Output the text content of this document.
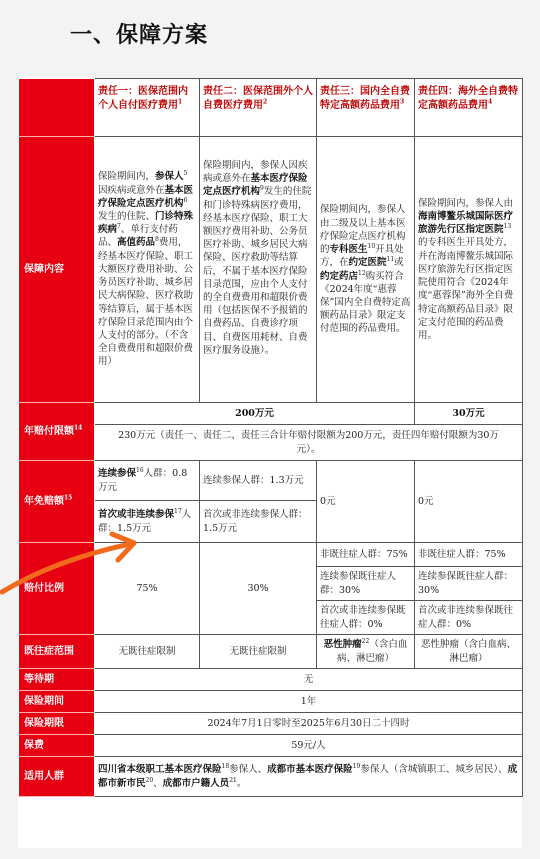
一、保障方案
	责任一：医保范围内个人自付医疗费用$^1$	责任二：医保范围外个人自费医疗费用$^2$	责任三：国内全自费特定高额药品费用$^3$	责任四：海外全自费特定高额药品费用$^4$
保障内容	保险期间内，参保人$^5$因疾病或意外在基本医疗保险定点医疗机构$^6$发生的住院、门诊特殊疾病$^7$、单行支付药品、高值药品$^8$费用，经基本医疗保险、职工大额医疗费用补助、公务员医疗补助、城乡居民大病保险、医疗救助等结算后，属于基本医疗保险目录范围内由个人支付的部分。（不含全自费费用和超限价费用）	保险期间内，参保人因疾病或意外在基本医疗保险定点医疗机构$^9$发生的住院和门诊特殊病医疗费用，经基本医疗保险、职工大额医疗费用补助、公务员医疗补助、城乡居民大病保险、医疗救助等结算后，不属于基本医疗保险目录范围，应由个人支付的全自费费用和超限价费用（包括医保不予报销的自费药品、自费诊疗项目、自费医用耗材、自费医疗服务设施）。	保险期间内，参保人由二级及以上基本医疗保险定点医疗机构的专科医生$^{10}$开具处方，在约定医院$^{11}$或约定药店$^{12}$购买符合《2024年度“惠蓉保”国内全自费特定高额药品目录》限定支付范围的药品费用。	保险期间内，参保人由海南博鳌乐城国际医疗旅游先行区指定医院$^{13}$的专科医生开具处方，并在海南博鳌乐城国际医疗旅游先行区指定医院使用符合《2024年度“惠蓉保”海外全自费特定高额药品目录》限定支付范围的药品费用。
年赔付限额$^{14}$	200万元			30万元
	230万元（责任一、责任二、责任三合计年赔付限额为200万元，责任四年赔付限额为30万元）。			
年免赔额$^{15}$	连续参保$^{16}$人群：0.8万元	连续参保人群：1.3万元	0元	0元
	首次或非连续参保$^{17}$人群：1.5万元	首次或非连续参保人群：1.5万元		
赔付比例	75%	30%	非既往症人群：75%	非既往症人群：75%
			连续参保既往症人群：30%	连续参保既往症人群：30%
			首次或非连续参保既往症人群：0%	首次或非连续参保既往症人群：0%
既往症范围	无既往症限制	无既往症限制	恶性肿瘤$^{22}$（含白血病、淋巴瘤）	恶性肿瘤（含白血病、淋巴瘤）
等待期	无			
保险期间	1年			
保险期限	2024年7月1日零时至2025年6月30日二十四时			
保费	59元/人			
适用人群	四川省本级职工基本医疗保险$^{18}$参保人、成都市基本医疗保险$^{19}$参保人（含城镇职工、城乡居民）、成都市新市民$^{20}$、成都市户籍人员$^{21}$。			
